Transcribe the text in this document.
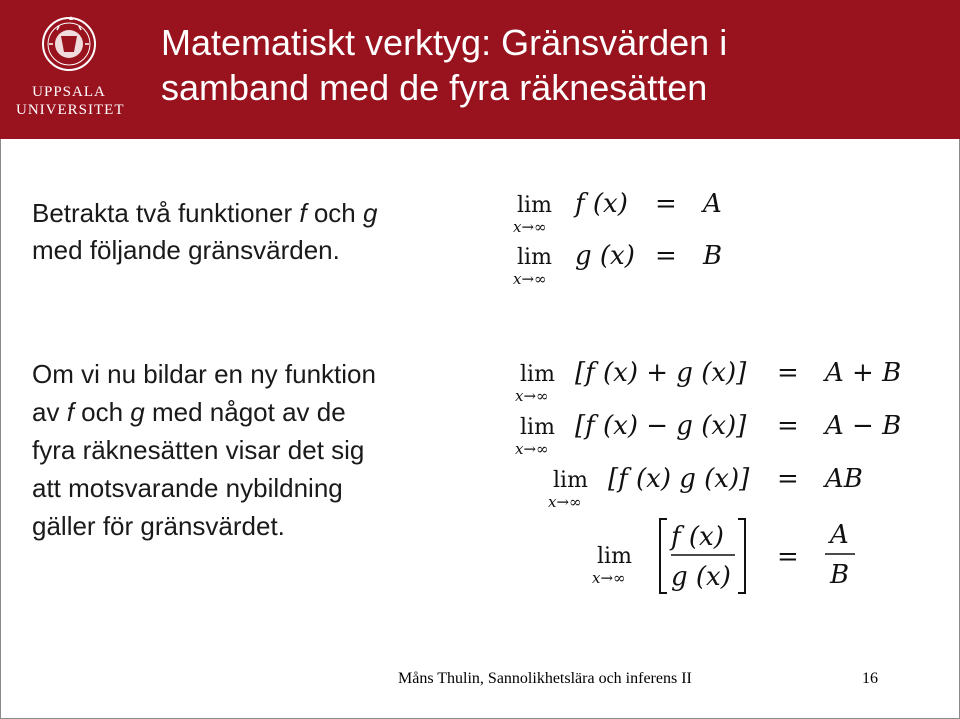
UPPSALA
UNIVERSITET
Matematiskt verktyg: Gränsvärden i
samband med de fyra räknesätten
Betrakta två funktioner f och g
med följande gränsvärden.
Om vi nu bildar en ny funktion
av f och g med något av de
fyra räknesätten visar det sig
att motsvarande nybildning
gäller för gränsvärdet.
lim
x→∞
f (x) = A
lim
x→∞
g (x) = B
lim
x→∞
[f (x) + g (x)] = A + B
lim
x→∞
[f (x) − g (x)] = A − B
lim
x→∞
[f (x) g (x)] = AB
lim
x→∞
f (x)
g (x)
=
A
B
Måns Thulin, Sannolikhetslära och inferens II	16
